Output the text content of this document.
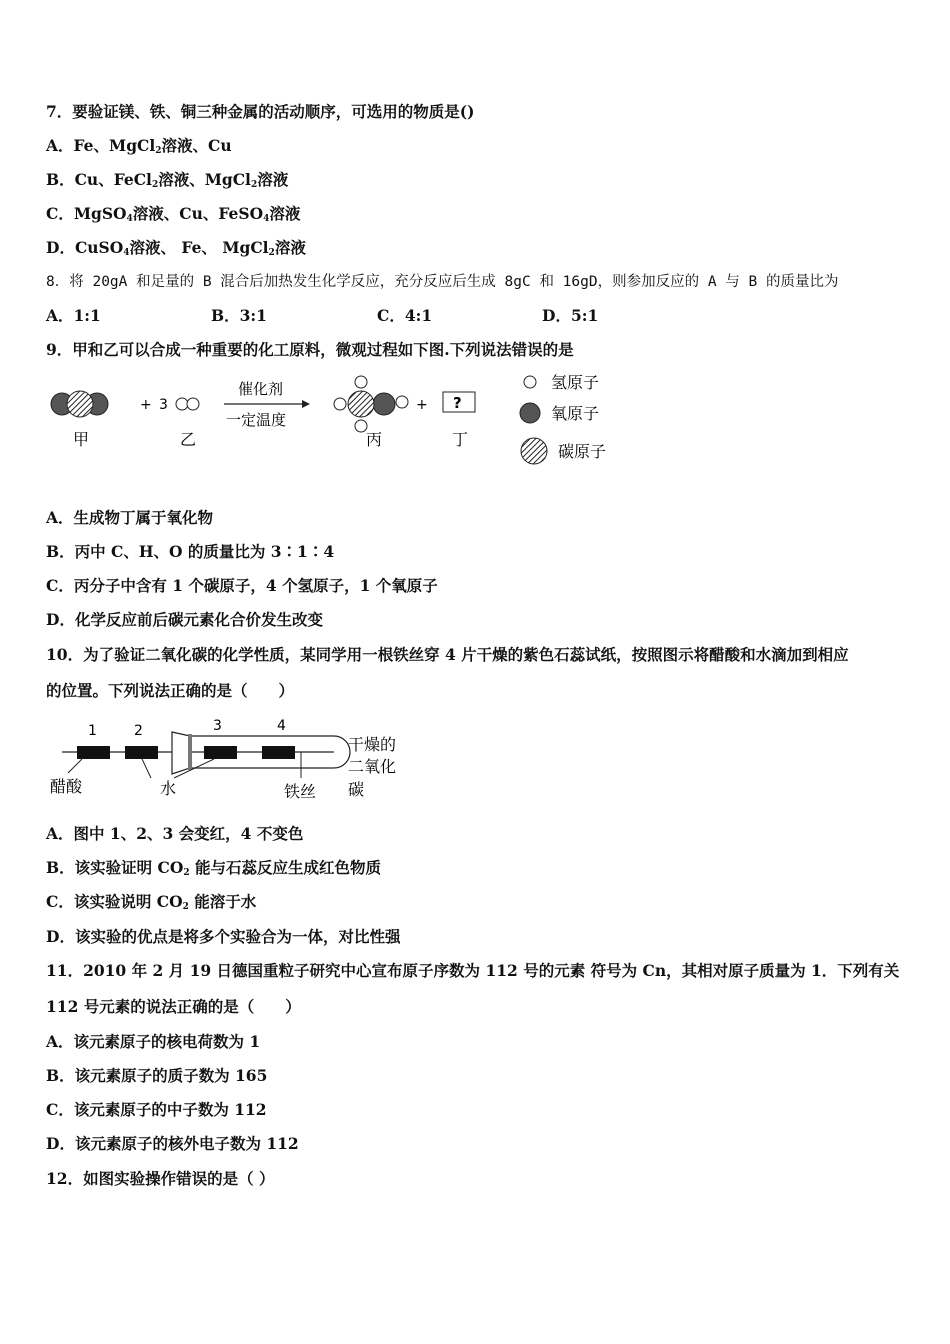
7．要验证镁、铁、铜三种金属的活动顺序，可选用的物质是()
A．Fe、MgCl$_2$溶液、Cu
B．Cu、FeCl$_2$溶液、MgCl$_2$溶液
C．MgSO$_4$溶液、Cu、FeSO$_4$溶液
D．CuSO$_4$溶液、 Fe、 MgCl$_2$溶液
8．将 20gA 和足量的 B 混合后加热发生化学反应，充分反应后生成 8gC 和 16gD，则参加反应的 A 与 B 的质量比为
A．1:1	B．3:1	C．4:1	D．5:1
9．甲和乙可以合成一种重要的化工原料，微观过程如下图.下列说法错误的是
+ 3
催化剂
一定温度
+ ?
甲	乙	丙	丁
氢原子
氧原子
碳原子
A．生成物丁属于氧化物
B．丙中 C、H、O 的质量比为 3∶1∶4
C．丙分子中含有 1 个碳原子，4 个氢原子，1 个氧原子
D．化学反应前后碳元素化合价发生改变
10．为了验证二氧化碳的化学性质，某同学用一根铁丝穿 4 片干燥的紫色石蕊试纸，按照图示将醋酸和水滴加到相应
的位置。下列说法正确的是（　　）
1	2	3	4
醋酸	水	铁丝
干燥的
二氧化
碳
A．图中 1、2、3 会变红，4 不变色
B．该实验证明 $CO_2$ 能与石蕊反应生成红色物质
C．该实验说明 $CO_2$ 能溶于水
D．该实验的优点是将多个实验合为一体，对比性强
11．2010 年 2 月 19 日德国重粒子研究中心宣布原子序数为 112 号的元素 符号为 Cn，其相对原子质量为 1．下列有关
112 号元素的说法正确的是（　　）
A．该元素原子的核电荷数为 1
B．该元素原子的质子数为 165
C．该元素原子的中子数为 112
D．该元素原子的核外电子数为 112
12．如图实验操作错误的是（ ）
